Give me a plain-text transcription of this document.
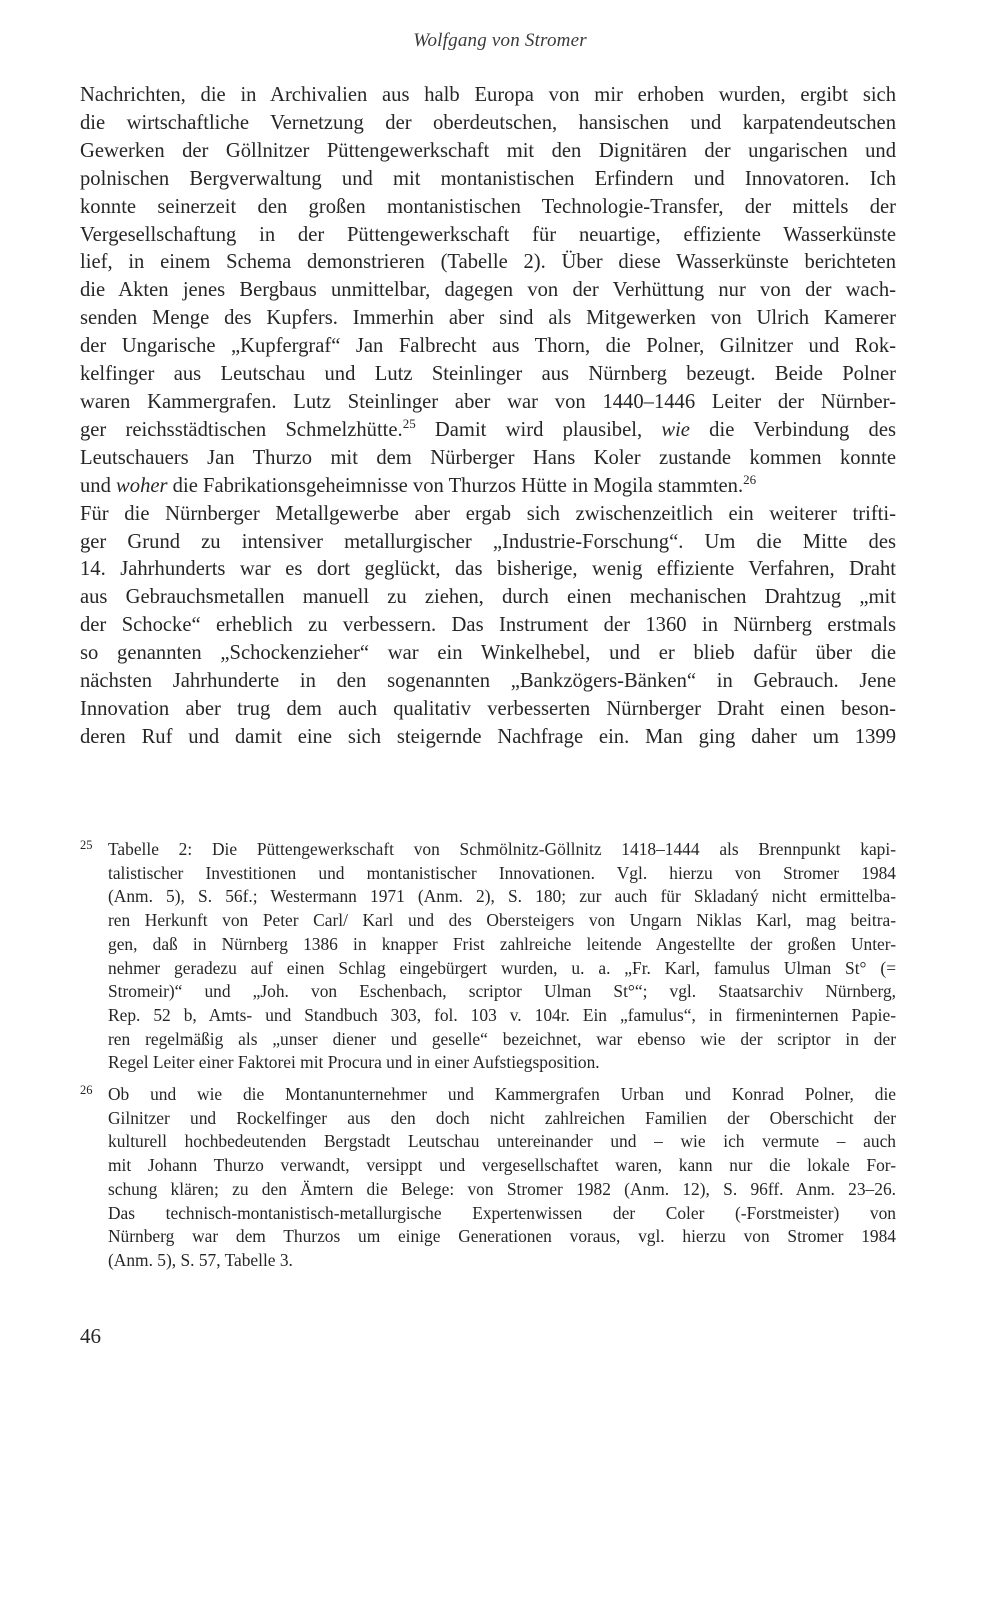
Wolfgang von Stromer

Nachrichten, die in Archivalien aus halb Europa von mir erhoben wurden, ergibt sich
die wirtschaftliche Vernetzung der oberdeutschen, hansischen und karpatendeutschen
Gewerken der Göllnitzer Püttengewerkschaft mit den Dignitären der ungarischen und
polnischen Bergverwaltung und mit montanistischen Erfindern und Innovatoren. Ich
konnte seinerzeit den großen montanistischen Technologie-Transfer, der mittels der
Vergesellschaftung in der Püttengewerkschaft für neuartige, effiziente Wasserkünste
lief, in einem Schema demonstrieren (Tabelle 2). Über diese Wasserkünste berichteten
die Akten jenes Bergbaus unmittelbar, dagegen von der Verhüttung nur von der wach-
senden Menge des Kupfers. Immerhin aber sind als Mitgewerken von Ulrich Kamerer
der Ungarische „Kupfergraf“ Jan Falbrecht aus Thorn, die Polner, Gilnitzer und Rok-
kelfinger aus Leutschau und Lutz Steinlinger aus Nürnberg bezeugt. Beide Polner
waren Kammergrafen. Lutz Steinlinger aber war von 1440–1446 Leiter der Nürnber-
ger reichsstädtischen Schmelzhütte.$^{25}$ Damit wird plausibel, wie die Verbindung des
Leutschauers Jan Thurzo mit dem Nürberger Hans Koler zustande kommen konnte
und woher die Fabrikationsgeheimnisse von Thurzos Hütte in Mogila stammten.$^{26}$

Für die Nürnberger Metallgewerbe aber ergab sich zwischenzeitlich ein weiterer trifti-
ger Grund zu intensiver metallurgischer „Industrie-Forschung“. Um die Mitte des
14. Jahrhunderts war es dort geglückt, das bisherige, wenig effiziente Verfahren, Draht
aus Gebrauchsmetallen manuell zu ziehen, durch einen mechanischen Drahtzug „mit
der Schocke“ erheblich zu verbessern. Das Instrument der 1360 in Nürnberg erstmals
so genannten „Schockenzieher“ war ein Winkelhebel, und er blieb dafür über die
nächsten Jahrhunderte in den sogenannten „Bankzögers-Bänken“ in Gebrauch. Jene
Innovation aber trug dem auch qualitativ verbesserten Nürnberger Draht einen beson-
deren Ruf und damit eine sich steigernde Nachfrage ein. Man ging daher um 1399

25 Tabelle 2: Die Püttengewerkschaft von Schmölnitz-Göllnitz 1418–1444 als Brennpunkt kapi-
talistischer Investitionen und montanistischer Innovationen. Vgl. hierzu von Stromer 1984
(Anm. 5), S. 56f.; Westermann 1971 (Anm. 2), S. 180; zur auch für Skladaný nicht ermittelba-
ren Herkunft von Peter Carl/ Karl und des Obersteigers von Ungarn Niklas Karl, mag beitra-
gen, daß in Nürnberg 1386 in knapper Frist zahlreiche leitende Angestellte der großen Unter-
nehmer geradezu auf einen Schlag eingebürgert wurden, u. a. „Fr. Karl, famulus Ulman St° (=
Stromeir)“ und „Joh. von Eschenbach, scriptor Ulman St°“; vgl. Staatsarchiv Nürnberg,
Rep. 52 b, Amts- und Standbuch 303, fol. 103 v. 104r. Ein „famulus“, in firmeninternen Papie-
ren regelmäßig als „unser diener und geselle“ bezeichnet, war ebenso wie der scriptor in der
Regel Leiter einer Faktorei mit Procura und in einer Aufstiegsposition.
26 Ob und wie die Montanunternehmer und Kammergrafen Urban und Konrad Polner, die
Gilnitzer und Rockelfinger aus den doch nicht zahlreichen Familien der Oberschicht der
kulturell hochbedeutenden Bergstadt Leutschau untereinander und – wie ich vermute – auch
mit Johann Thurzo verwandt, versippt und vergesellschaftet waren, kann nur die lokale For-
schung klären; zu den Ämtern die Belege: von Stromer 1982 (Anm. 12), S. 96ff. Anm. 23–26.
Das technisch-montanistisch-metallurgische Expertenwissen der Coler (-Forstmeister) von
Nürnberg war dem Thurzos um einige Generationen voraus, vgl. hierzu von Stromer 1984
(Anm. 5), S. 57, Tabelle 3.
46
